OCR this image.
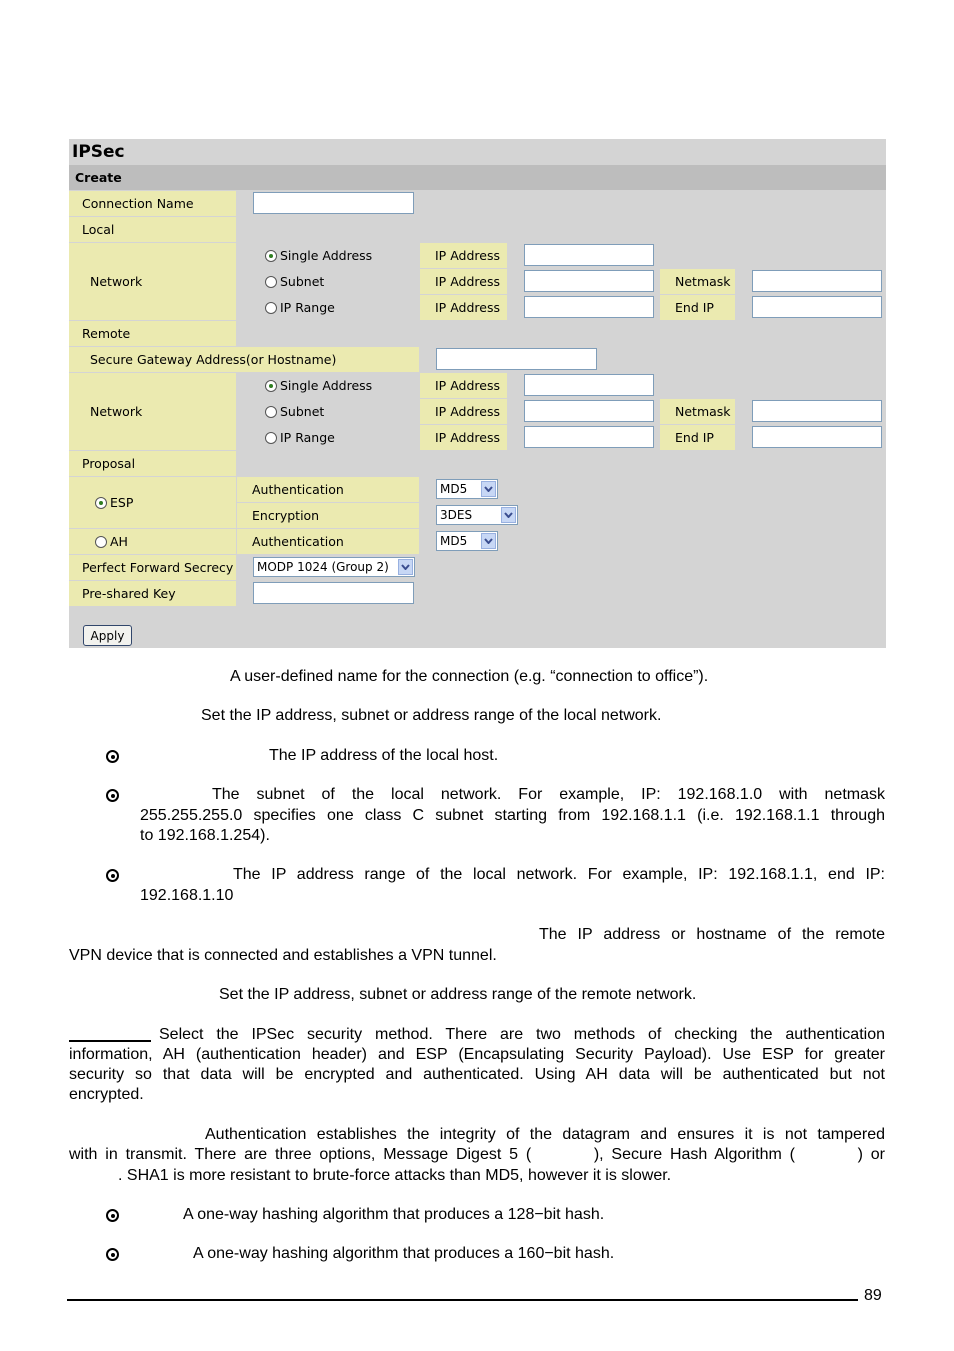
IPSec
Create
Connection Name
Local
Network
Single Address	IP Address
Subnet	IP Address	Netmask
IP Range	IP Address	End IP
Remote
Secure Gateway Address(or Hostname)
Network
Single Address	IP Address
Subnet	IP Address	Netmask
IP Range	IP Address	End IP
Proposal
ESP
Authentication	MD5
Encryption	3DES
AH	Authentication	MD5
Perfect Forward Secrecy MODP 1024 (Group 2)
Pre-shared Key
Apply
A user-defined name for the connection (e.g. “connection to office”).
Set the IP address, subnet or address range of the local network.
The IP address of the local host.
The subnet of the local network. For example, IP: 192.168.1.0 with netmask
255.255.255.0 specifies one class C subnet starting from 192.168.1.1 (i.e. 192.168.1.1 through
to 192.168.1.254).
The IP address range of the local network. For example, IP: 192.168.1.1, end IP:
192.168.1.10
The IP address or hostname of the remote
VPN device that is connected and establishes a VPN tunnel.
Set the IP address, subnet or address range of the remote network.
Select the IPSec security method. There are two methods of checking the authentication
information, AH (authentication header) and ESP (Encapsulating Security Payload). Use ESP for greater
security so that data will be encrypted and authenticated. Using AH data will be authenticated but not
encrypted.
Authentication establishes the integrity of the datagram and ensures it is not tampered
with in transmit. There are three options, Message Digest 5 (        ), Secure Hash Algorithm (        ) or
. SHA1 is more resistant to brute-force attacks than MD5, however it is slower.
A one-way hashing algorithm that produces a 128−bit hash.
A one-way hashing algorithm that produces a 160−bit hash.
89
